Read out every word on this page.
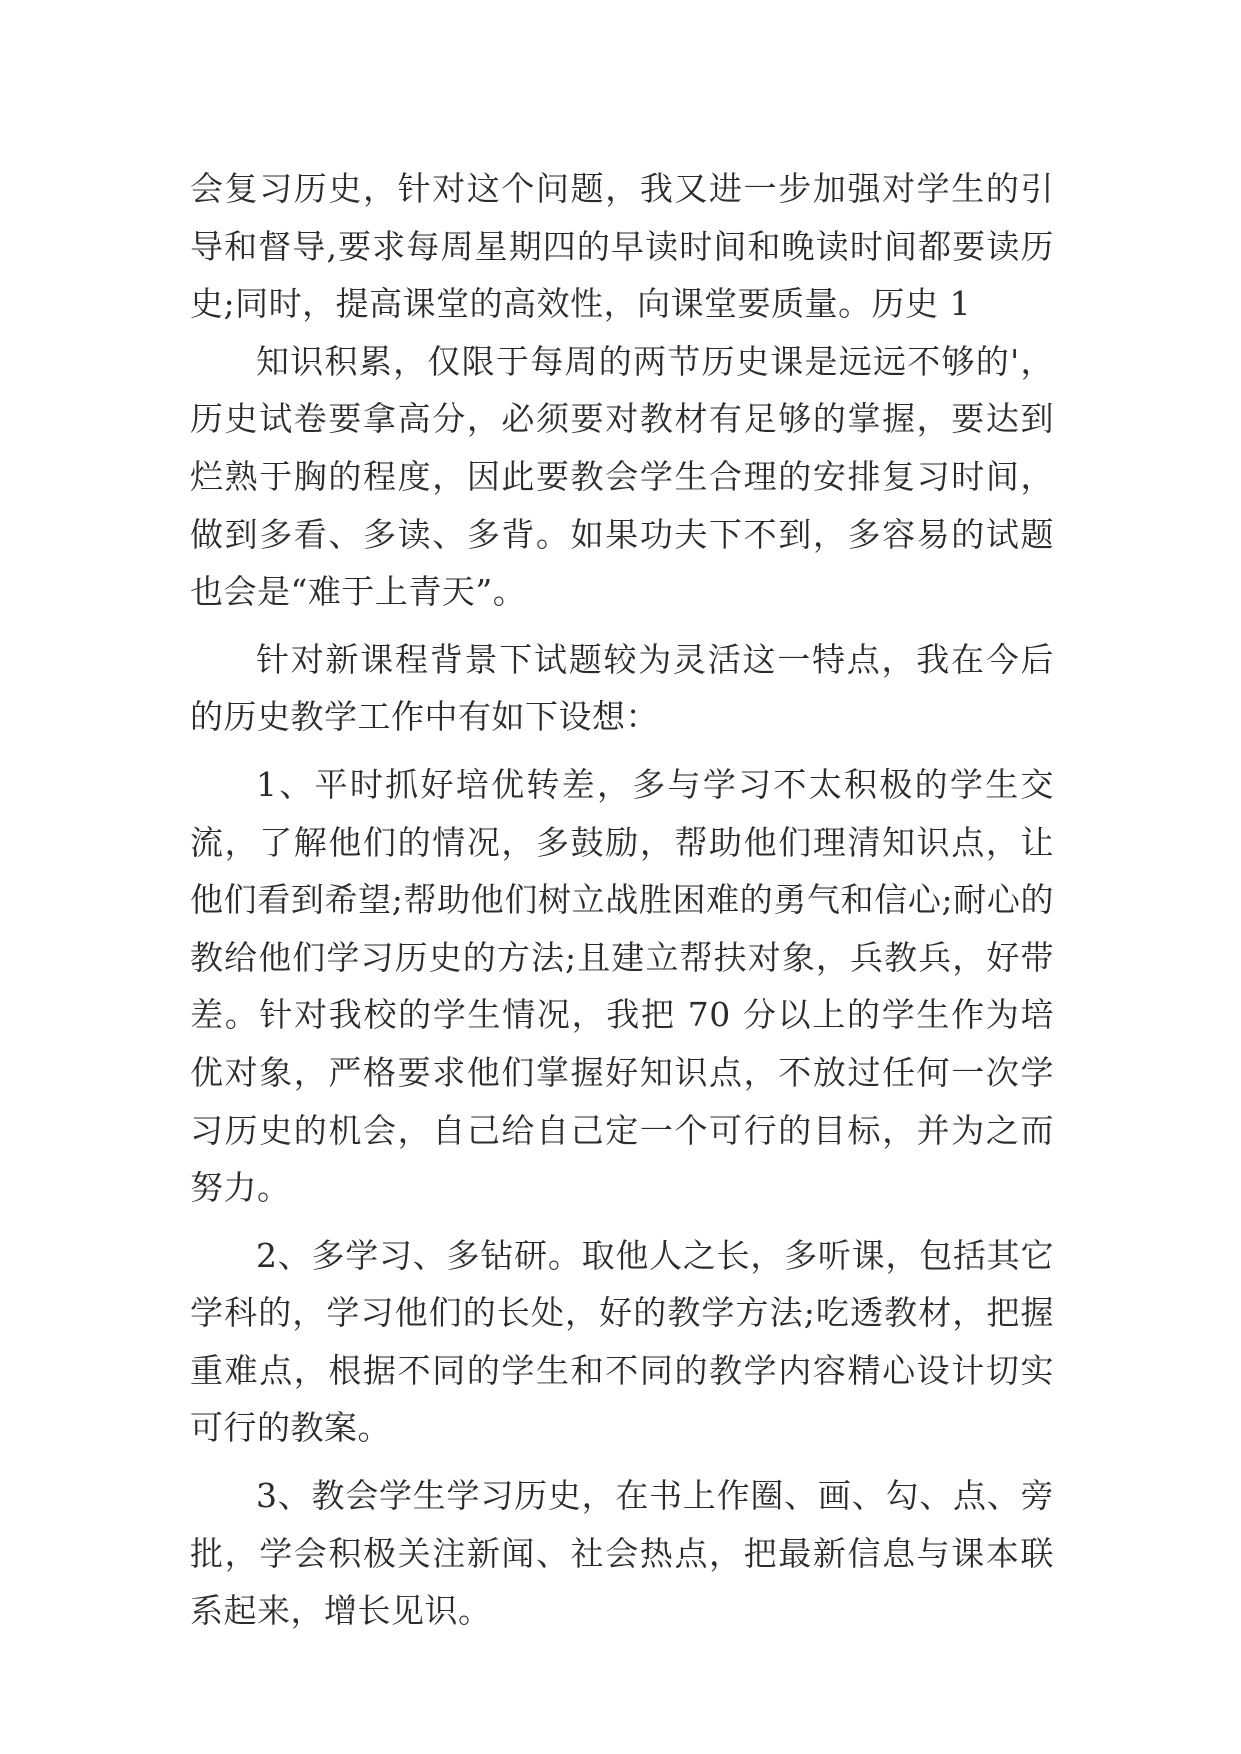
会复习历史，针对这个问题，我又进一步加强对学生的引导和督导,要求每周星期四的早读时间和晚读时间都要读历史;同时，提高课堂的高效性，向课堂要质量。历史 1

知识积累，仅限于每周的两节历史课是远远不够的'，历史试卷要拿高分，必须要对教材有足够的掌握，要达到烂熟于胸的程度，因此要教会学生合理的安排复习时间，做到多看、多读、多背。如果功夫下不到，多容易的试题也会是“难于上青天”。

针对新课程背景下试题较为灵活这一特点，我在今后的历史教学工作中有如下设想：

1、平时抓好培优转差，多与学习不太积极的学生交流，了解他们的情况，多鼓励，帮助他们理清知识点，让他们看到希望;帮助他们树立战胜困难的勇气和信心;耐心的教给他们学习历史的方法;且建立帮扶对象，兵教兵，好带差。针对我校的学生情况，我把 70 分以上的学生作为培优对象，严格要求他们掌握好知识点，不放过任何一次学习历史的机会，自己给自己定一个可行的目标，并为之而努力。

2、多学习、多钻研。取他人之长，多听课，包括其它学科的，学习他们的长处，好的教学方法;吃透教材，把握重难点，根据不同的学生和不同的教学内容精心设计切实可行的教案。

3、教会学生学习历史，在书上作圈、画、勾、点、旁批，学会积极关注新闻、社会热点，把最新信息与课本联系起来，增长见识。
